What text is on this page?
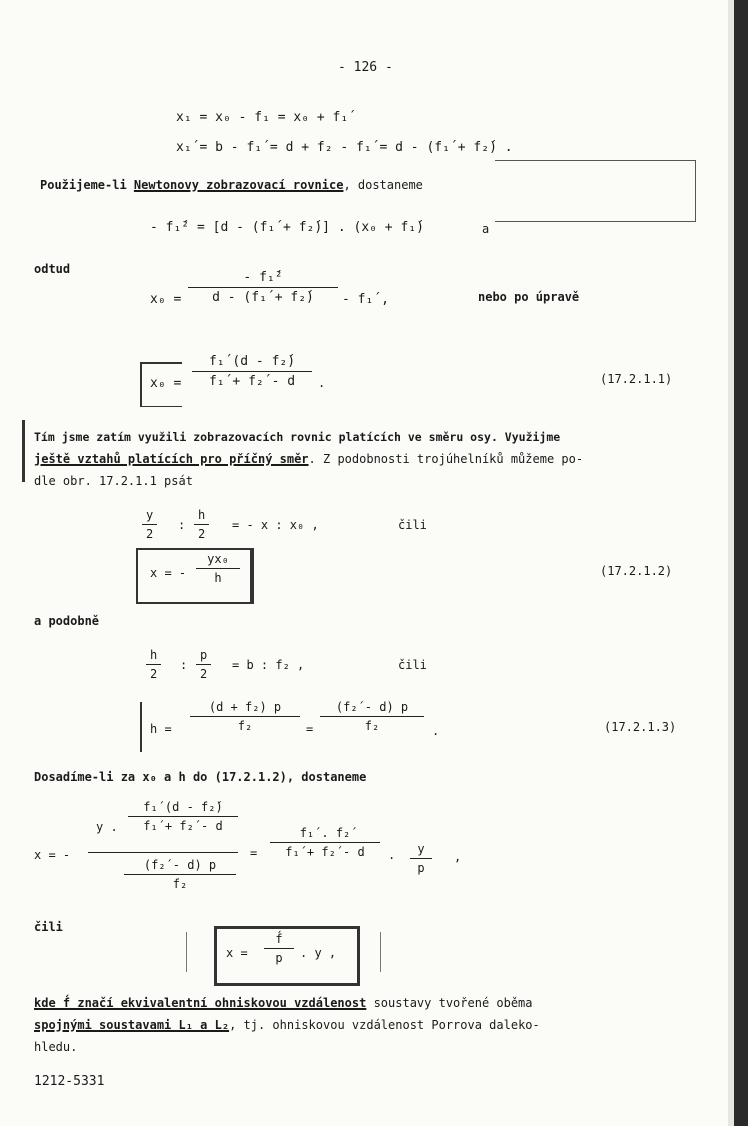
- 126 -
x₁ = x₀ - f₁ = x₀ + f₁́
x₁́ = b - f₁́ = d + f₂ - f₁́ = d - (f₁́ + f₂́) .
Použijeme-li Newtonovy zobrazovací rovnice, dostaneme
- f₁́² = [d - (f₁́ + f₂́)] . (x₀ + f₁́)	a
odtud
x₀ =
- f₁́²
d - (f₁́ + f₂́)	- f₁́ ,	nebo po úpravě
x₀ =
f₁́ (d - f₂́)
f₁́ + f₂́ - d	.	(17.2.1.1)
Tím jsme zatím využili zobrazovacích rovnic platících ve směru osy. Využijme
ještě vztahů platících pro příčný směr. Z podobnosti trojúhelníků můžeme po-
dle obr. 17.2.1.1 psát
y
2
:
h
2
= - x : x₀ ,	čili
x = -
yx₀
h	(17.2.1.2)
a podobně
h
2
:
p
2
= b : f₂ ,	čili
h =
(d + f₂) p
f₂	=
(f₂́ - d) p
f₂	.	(17.2.1.3)
Dosadíme-li za x₀ a h do (17.2.1.2), dostaneme
x = -
y .
f₁́ (d - f₂́)
f₁́ + f₂́ - d
(f₂́ - d) p
f₂
=
f₁́ . f₂́
f₁́ + f₂́ - d	.	y
p
,
čili
x =
f́
p	. y ,
kde f́ značí ekvivalentní ohniskovou vzdálenost soustavy tvořené oběma
spojnými soustavami L₁ a L₂, tj. ohniskovou vzdálenost Porrova daleko-
hledu.
1212-5331
